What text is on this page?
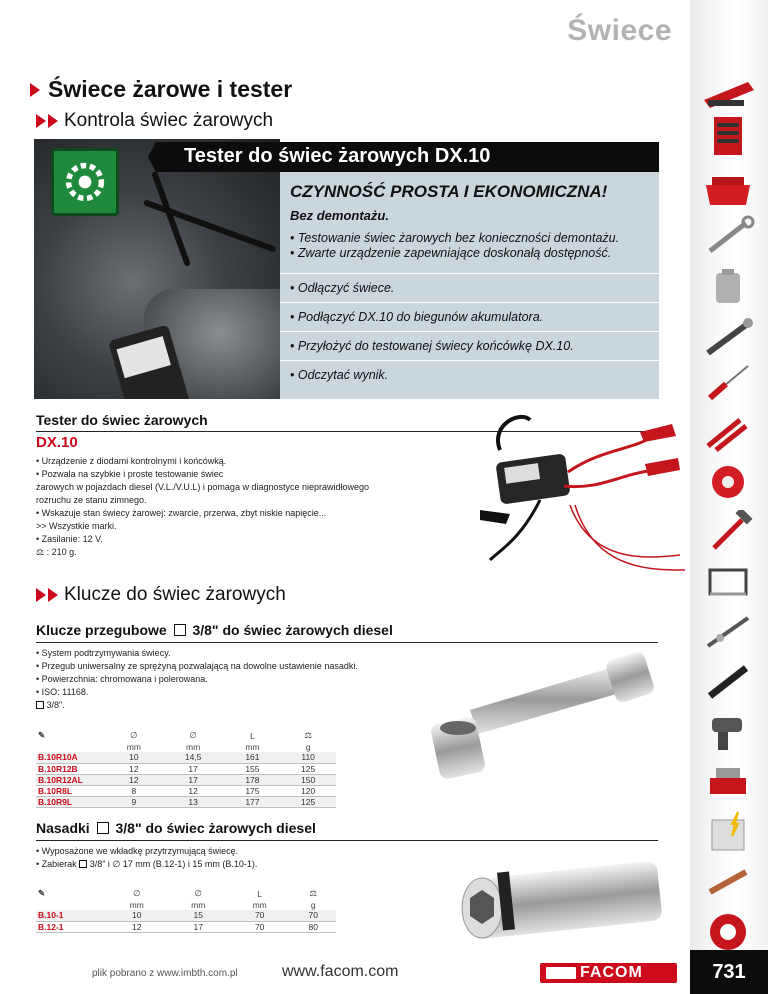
Świece
Świece żarowe i tester
Kontrola świec żarowych
Tester do świec żarowych DX.10
CZYNNOŚĆ PROSTA I EKONOMICZNA!
Bez demontażu.
• Testowanie świec żarowych bez konieczności demontażu.
• Zwarte urządzenie zapewniające doskonałą dostępność.
• Odłączyć świece.
• Podłączyć DX.10 do biegunów akumulatora.
• Przyłożyć do testowanej świecy końcówkę DX.10.
• Odczytać wynik.
Tester do świec żarowych
DX.10
• Urządzenie z diodami kontrolnymi i końcówką.
• Pozwala na szybkie i proste testowanie świec
żarowych w pojazdach diesel (V.L./V.U.L) i pomaga w diagnostyce nieprawidłowego
rozruchu ze stanu zimnego.
• Wskazuje stan świecy żarowej: zwarcie, przerwa, zbyt niskie napięcie...
>> Wszystkie marki.
• Zasilanie: 12 V.
⚖ : 210 g.
Klucze do świec żarowych
Klucze przegubowe 3/8" do świec żarowych diesel
• System podtrzymywania świecy.
• Przegub uniwersalny ze sprężyną pozwalającą na dowolne ustawienie nasadki.
• Powierzchnia: chromowana i polerowana.
• ISO: 11168.
3/8".
✎	∅	∅	L	⚖
	mm	mm	mm	g
B.10R10A	10	14,5	161	110
B.10R12B	12	17	155	125
B.10R12AL	12	17	178	150
B.10R8L	8	12	175	120
B.10R9L	9	13	177	125
Nasadki 3/8" do świec żarowych diesel
• Wyposażone we wkładkę przytrzymującą świecę.
• Zabierak 3/8" i ∅ 17 mm (B.12-1) i 15 mm (B.10-1).
✎	∅	∅	L	⚖
	mm	mm	mm	g
B.10-1	10	15	70	70
B.12-1	12	17	70	80
plik pobrano z www.imbth.com.pl	www.facom.com	FACOM	731
